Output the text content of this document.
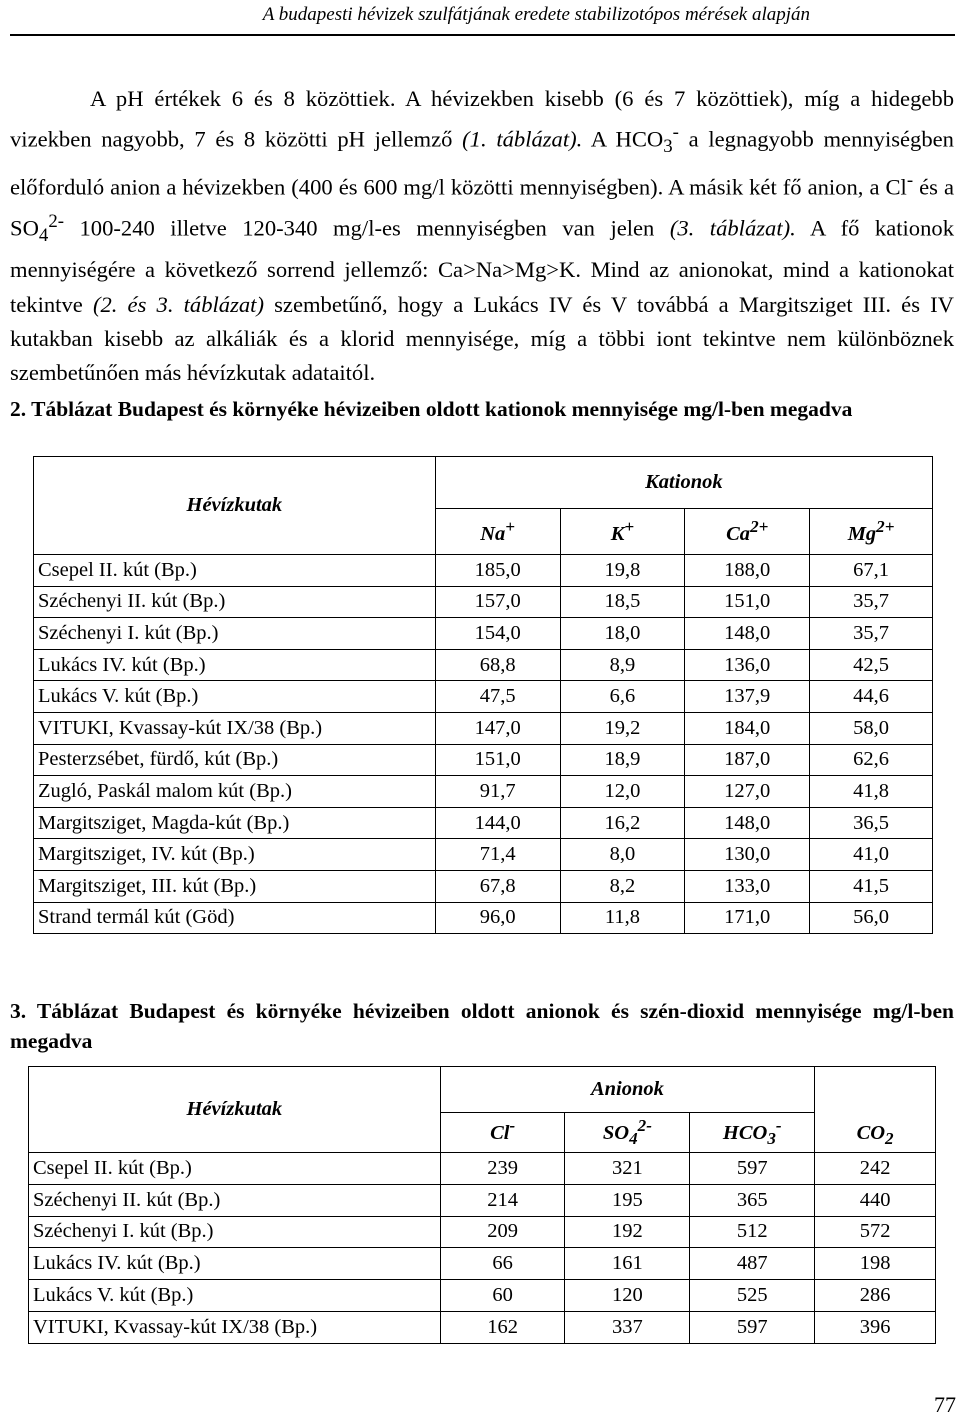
A budapesti hévizek szulfátjának eredete stabilizotópos mérések alapján

A pH értékek 6 és 8 közöttiek. A hévizekben kisebb (6 és 7 közöttiek), míg a hidegebb vizekben nagyobb, 7 és 8 közötti pH jellemző (1. táblázat). A $HCO_3^-$ a legnagyobb mennyiségben előforduló anion a hévizekben (400 és 600 mg/l közötti mennyiségben). A másik két fő anion, a Cl- és a $SO_4^{2-}$ 100-240 illetve 120-340 mg/l-es mennyiségben van jelen (3. táblázat). A fő kationok mennyiségére a következő sorrend jellemző: Ca>Na>Mg>K. Mind az anionokat, mind a kationokat tekintve (2. és 3. táblázat) szembetűnő, hogy a Lukács IV és V továbbá a Margitsziget III. és IV kutakban kisebb az alkáliák és a klorid mennyisége, míg a többi iont tekintve nem különböznek szembetűnően más hévízkutak adataitól.

2. Táblázat Budapest és környéke hévizeiben oldott kationok mennyisége mg/l-ben megadva
Hévízkutak	Kationok			
	Na+	K+	$Ca^{2+}$	$Mg^{2+}$
Csepel II. kút (Bp.)	185,0	19,8	188,0	67,1
Széchenyi II. kút (Bp.)	157,0	18,5	151,0	35,7
Széchenyi I. kút (Bp.)	154,0	18,0	148,0	35,7
Lukács IV. kút (Bp.)	68,8	8,9	136,0	42,5
Lukács V. kút (Bp.)	47,5	6,6	137,9	44,6
VITUKI, Kvassay-kút IX/38 (Bp.)	147,0	19,2	184,0	58,0
Pesterzsébet, fürdő, kút (Bp.)	151,0	18,9	187,0	62,6
Zugló, Paskál malom kút (Bp.)	91,7	12,0	127,0	41,8
Margitsziget, Magda-kút (Bp.)	144,0	16,2	148,0	36,5
Margitsziget, IV. kút (Bp.)	71,4	8,0	130,0	41,0
Margitsziget, III. kút (Bp.)	67,8	8,2	133,0	41,5
Strand termál kút (Göd)	96,0	11,8	171,0	56,0
3. Táblázat Budapest és környéke hévizeiben oldott anionok és szén-dioxid mennyisége mg/l-ben megadva
Hévízkutak	Anionok			
	Cl-	$SO_4^{2-}$	$HCO_3^-$	$CO_2$
Csepel II. kút (Bp.)	239	321	597	242
Széchenyi II. kút (Bp.)	214	195	365	440
Széchenyi I. kút (Bp.)	209	192	512	572
Lukács IV. kút (Bp.)	66	161	487	198
Lukács V. kút (Bp.)	60	120	525	286
VITUKI, Kvassay-kút IX/38 (Bp.)	162	337	597	396
77
